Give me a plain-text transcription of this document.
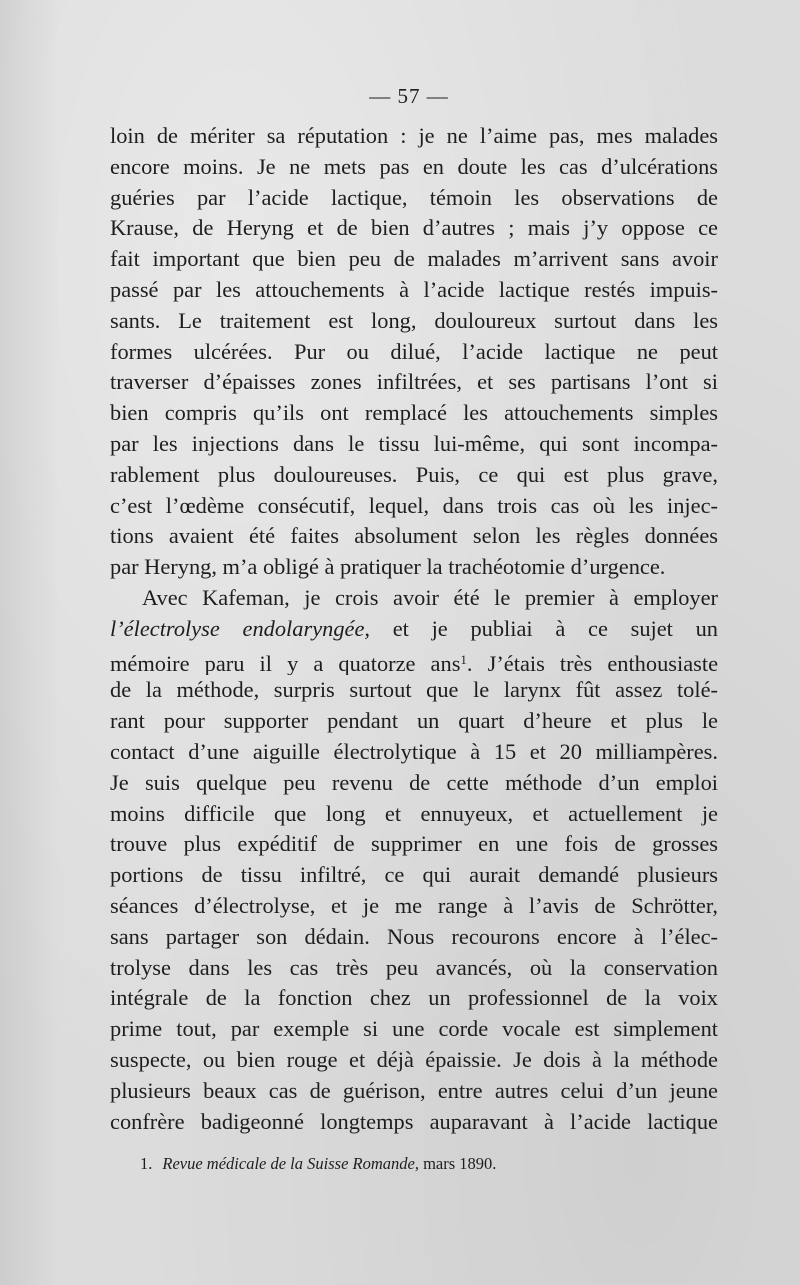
— 57 —
loin de mériter sa réputation : je ne l’aime pas, mes malades
encore moins. Je ne mets pas en doute les cas d’ulcérations
guéries par l’acide lactique, témoin les observations de
Krause, de Heryng et de bien d’autres ; mais j’y oppose ce
fait important que bien peu de malades m’arrivent sans avoir
passé par les attouchements à l’acide lactique restés impuis-
sants. Le traitement est long, douloureux surtout dans les
formes ulcérées. Pur ou dilué, l’acide lactique ne peut
traverser d’épaisses zones infiltrées, et ses partisans l’ont si
bien compris qu’ils ont remplacé les attouchements simples
par les injections dans le tissu lui-même, qui sont incompa-
rablement plus douloureuses. Puis, ce qui est plus grave,
c’est l’œdème consécutif, lequel, dans trois cas où les injec-
tions avaient été faites absolument selon les règles données
par Heryng, m’a obligé à pratiquer la trachéotomie d’urgence.
Avec Kafeman, je crois avoir été le premier à employer
l’électrolyse endolaryngée, et je publiai à ce sujet un
mémoire paru il y a quatorze ans$^1$. J’étais très enthousiaste
de la méthode, surpris surtout que le larynx fût assez tolé-
rant pour supporter pendant un quart d’heure et plus le
contact d’une aiguille électrolytique à 15 et 20 milliampères.
Je suis quelque peu revenu de cette méthode d’un emploi
moins difficile que long et ennuyeux, et actuellement je
trouve plus expéditif de supprimer en une fois de grosses
portions de tissu infiltré, ce qui aurait demandé plusieurs
séances d’électrolyse, et je me range à l’avis de Schrötter,
sans partager son dédain. Nous recourons encore à l’élec-
trolyse dans les cas très peu avancés, où la conservation
intégrale de la fonction chez un professionnel de la voix
prime tout, par exemple si une corde vocale est simplement
suspecte, ou bien rouge et déjà épaissie. Je dois à la méthode
plusieurs beaux cas de guérison, entre autres celui d’un jeune
confrère badigeonné longtemps auparavant à l’acide lactique
1. Revue médicale de la Suisse Romande, mars 1890.
